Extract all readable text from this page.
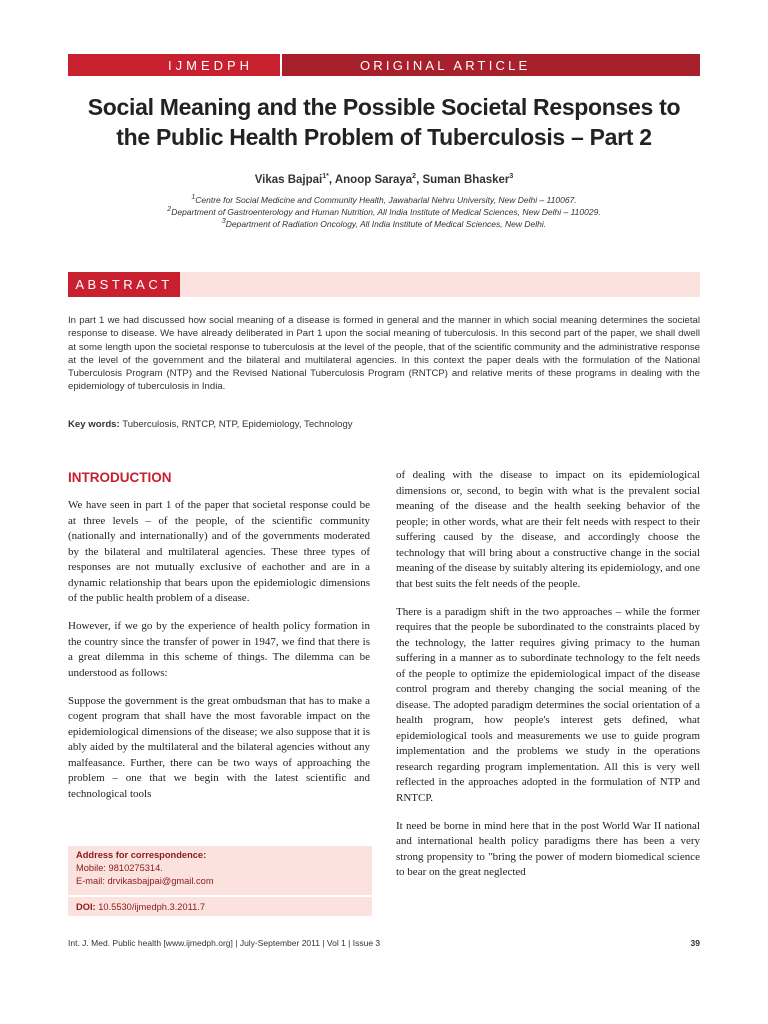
IJMEDPH	ORIGINAL ARTICLE
Social Meaning and the Possible Societal Responses to the Public Health Problem of Tuberculosis – Part 2
Vikas Bajpai$^{1*}$, Anoop Saraya$^2$, Suman Bhasker$^3$
$^1$Centre for Social Medicine and Community Health, Jawaharlal Nehru University, New Delhi – 110067.
$^2$Department of Gastroenterology and Human Nutrition, All India Institute of Medical Sciences, New Delhi – 110029.
$^3$Department of Radiation Oncology, All India Institute of Medical Sciences, New Delhi.
ABSTRACT
In part 1 we had discussed how social meaning of a disease is formed in general and the manner in which social meaning determines the societal response to disease. We have already deliberated in Part 1 upon the social meaning of tuberculosis. In this second part of the paper, we shall dwell at some length upon the societal response to tuberculosis at the level of the people, that of the scientific community and the administrative response at the level of the government and the bilateral and multilateral agencies. In this context the paper deals with the formulation of the National Tuberculosis Program (NTP) and the Revised National Tuberculosis Program (RNTCP) and relative merits of these programs in dealing with the epidemiology of tuberculosis in India.
Key words: Tuberculosis, RNTCP, NTP, Epidemiology, Technology
INTRODUCTION

We have seen in part 1 of the paper that societal response could be at three levels – of the people, of the scientific community (nationally and internationally) and of the governments moderated by the bilateral and multilateral agencies. These three types of responses are not mutually exclusive of eachother and are in a dynamic relationship that bears upon the epidemiologic dimensions of the public health problem of a disease.

However, if we go by the experience of health policy formation in the country since the transfer of power in 1947, we find that there is a great dilemma in this scheme of things. The dilemma can be understood as follows:

Suppose the government is the great ombudsman that has to make a cogent program that shall have the most favorable impact on the epidemiological dimensions of the disease; we also suppose that it is ably aided by the multilateral and the bilateral agencies without any malfeasance. Further, there can be two ways of approaching the problem – one that we begin with the latest scientific and technological tools

of dealing with the disease to impact on its epidemiological dimensions or, second, to begin with what is the prevalent social meaning of the disease and the health seeking behavior of the people; in other words, what are their felt needs with respect to their suffering caused by the disease, and accordingly choose the technology that will bring about a constructive change in the social meaning of the disease by suitably altering its epidemiology, and one that best suits the felt needs of the people.

There is a paradigm shift in the two approaches – while the former requires that the people be subordinated to the constraints placed by the technology, the latter requires giving primacy to the human suffering in a manner as to subordinate technology to the felt needs of the people to optimize the epidemiological impact of the disease control program and thereby changing the social meaning of the disease. The adopted paradigm determines the social orientation of a health program, how people's interest gets defined, what epidemiological tools and measurements we use to guide program implementation and the problems we study in the operations research regarding program implementation. All this is very well reflected in the approaches adopted in the formulation of NTP and RNTCP.

It need be borne in mind here that in the post World War II national and international health policy paradigms there has been a very strong propensity to "bring the power of modern biomedical science to bear on the great neglected

Address for correspondence:
Mobile: 9810275314.
E-mail: drvikasbajpai@gmail.com
DOI: 10.5530/ijmedph.3.2011.7
Int. J. Med. Public health [www.ijmedph.org] | July-September 2011 | Vol 1 | Issue 3	39
